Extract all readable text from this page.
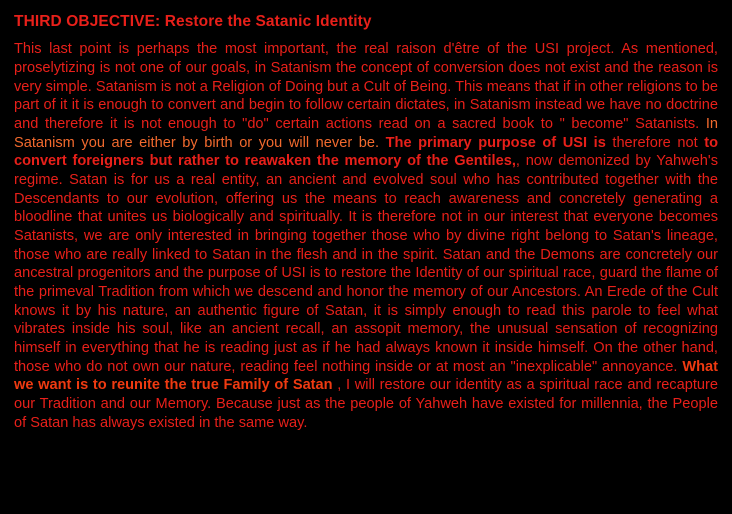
THIRD OBJECTIVE: Restore the Satanic Identity

This last point is perhaps the most important, the real raison d'être of the USI project. As mentioned, proselytizing is not one of our goals, in Satanism the concept of conversion does not exist and the reason is very simple. Satanism is not a Religion of Doing but a Cult of Being. This means that if in other religions to be part of it it is enough to convert and begin to follow certain dictates, in Satanism instead we have no doctrine and therefore it is not enough to "do" certain actions read on a sacred book to " become" Satanists. In Satanism you are either by birth or you will never be. The primary purpose of USI is therefore not to convert foreigners but rather to reawaken the memory of the Gentiles,, now demonized by Yahweh's regime. Satan is for us a real entity, an ancient and evolved soul who has contributed together with the Descendants to our evolution, offering us the means to reach awareness and concretely generating a bloodline that unites us biologically and spiritually. It is therefore not in our interest that everyone becomes Satanists, we are only interested in bringing together those who by divine right belong to Satan's lineage, those who are really linked to Satan in the flesh and in the spirit. Satan and the Demons are concretely our ancestral progenitors and the purpose of USI is to restore the Identity of our spiritual race, guard the flame of the primeval Tradition from which we descend and honor the memory of our Ancestors. An Erede of the Cult knows it by his nature, an authentic figure of Satan, it is simply enough to read this parole to feel what vibrates inside his soul, like an ancient recall, an assopit memory, the unusual sensation of recognizing himself in everything that he is reading just as if he had always known it inside himself. On the other hand, those who do not own our nature, reading feel nothing inside or at most an "inexplicable" annoyance. What we want is to reunite the true Family of Satan , I will restore our identity as a spiritual race and recapture our Tradition and our Memory. Because just as the people of Yahweh have existed for millennia, the People of Satan has always existed in the same way.
